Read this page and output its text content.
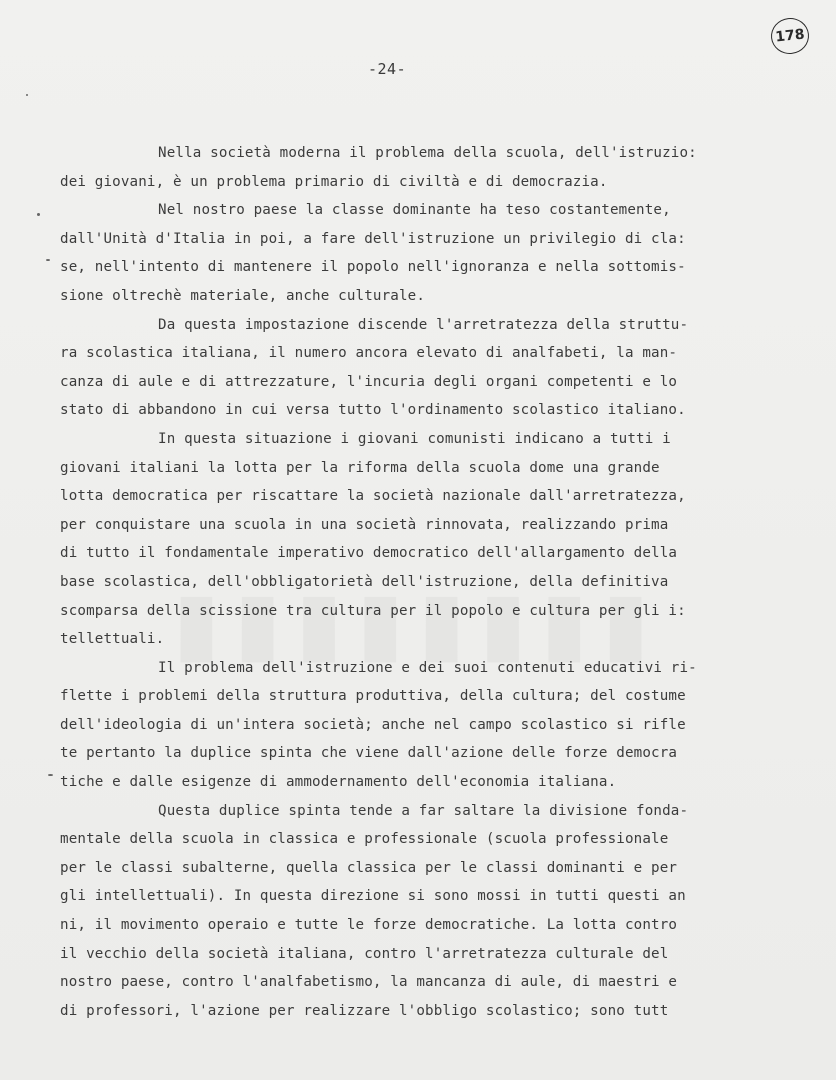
178
-24-
Nella società moderna il problema della scuola, dell'istruzio:
dei giovani, è un problema primario di civiltà e di democrazia.
Nel nostro paese la classe dominante ha teso costantemente,
dall'Unità d'Italia in poi, a fare dell'istruzione un privilegio di cla:
se, nell'intento di mantenere il popolo nell'ignoranza e nella sottomis-
sione oltrechè materiale, anche culturale.
Da questa impostazione discende l'arretratezza della struttu-
ra scolastica italiana, il numero ancora elevato di analfabeti, la man-
canza di aule e di attrezzature, l'incuria degli organi competenti e lo
stato di abbandono in cui versa tutto l'ordinamento scolastico italiano.
In questa situazione i giovani comunisti indicano a tutti i
giovani italiani la lotta per la riforma della scuola dome una grande
lotta democratica per riscattare la società nazionale dall'arretratezza,
per conquistare una scuola in una società rinnovata, realizzando prima
di tutto il fondamentale imperativo democratico dell'allargamento della
base scolastica, dell'obbligatorietà dell'istruzione, della definitiva
scomparsa della scissione tra cultura per il popolo e cultura per gli i:
tellettuali.
Il problema dell'istruzione e dei suoi contenuti educativi ri-
flette i problemi della struttura produttiva, della cultura; del costume
dell'ideologia di un'intera società; anche nel campo scolastico si rifle
te pertanto la duplice spinta che viene dall'azione delle forze democra
tiche e dalle esigenze di ammodernamento dell'economia italiana.
Questa duplice spinta tende a far saltare la divisione fonda-
mentale della scuola in classica e professionale (scuola professionale
per le classi subalterne, quella classica per le classi dominanti e per
gli intellettuali). In questa direzione si sono mossi in tutti questi an
ni, il movimento operaio e tutte le forze democratiche. La lotta contro
il vecchio della società italiana, contro l'arretratezza culturale del
nostro paese, contro l'analfabetismo, la mancanza di aule, di maestri e
di professori, l'azione per realizzare l'obbligo scolastico; sono tutt
